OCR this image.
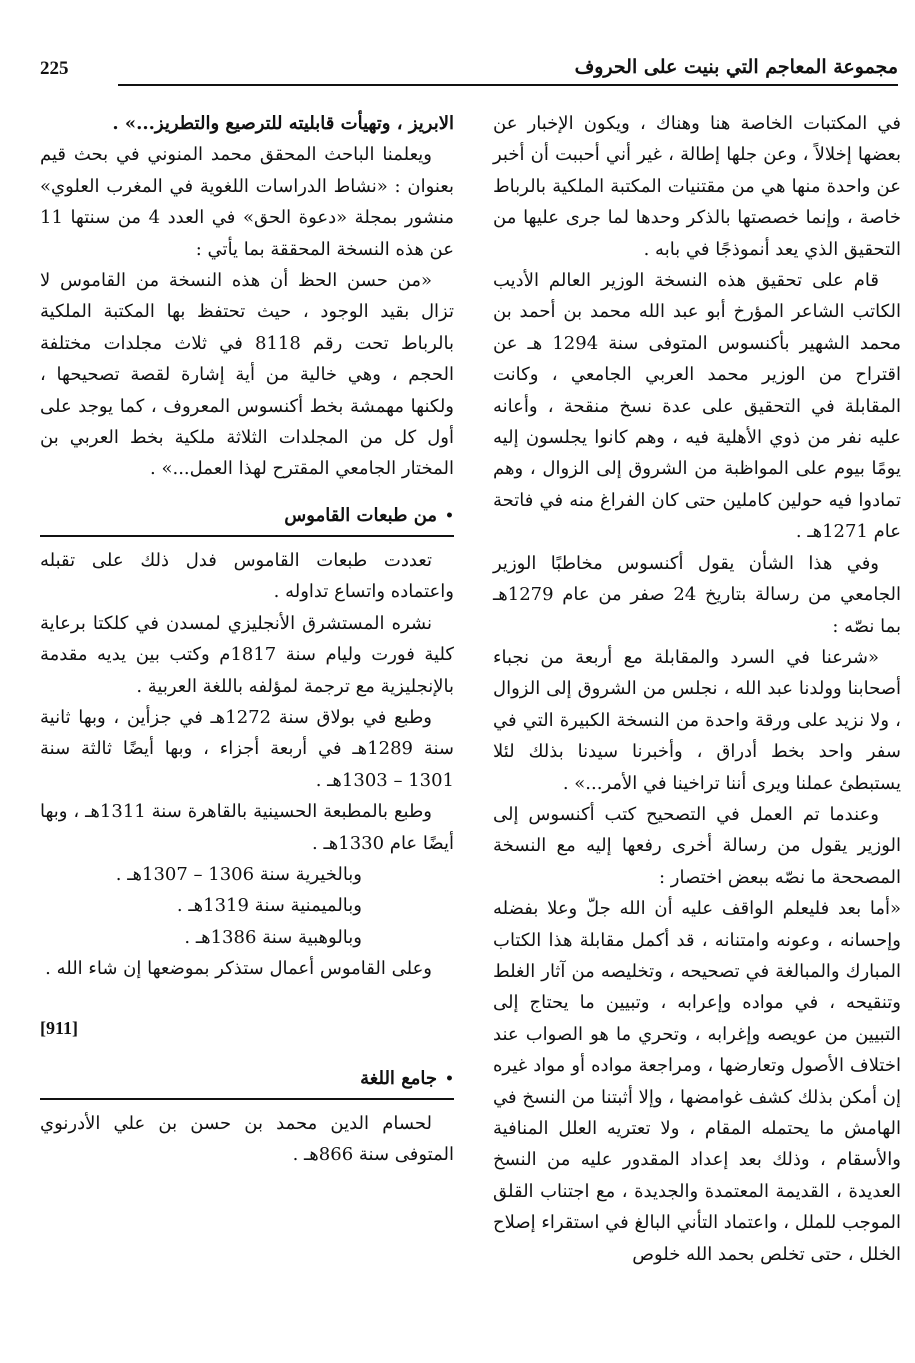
225	مجموعة المعاجم التي بنيت على الحروف

في المكتبات الخاصة هنا وهناك ، ويكون الإخبار عن بعضها إخلالاً ، وعن جلها إطالة ، غير أني أحببت أن أخبر عن واحدة منها هي من مقتنيات المكتبة الملكية بالرباط خاصة ، وإنما خصصتها بالذكر وحدها لما جرى عليها من التحقيق الذي يعد أنموذجًا في بابه .

قام على تحقيق هذه النسخة الوزير العالم الأديب الكاتب الشاعر المؤرخ أبو عبد الله محمد بن أحمد بن محمد الشهير بأكنسوس المتوفى سنة 1294 هـ عن اقتراح من الوزير محمد العربي الجامعي ، وكانت المقابلة في التحقيق على عدة نسخ منقحة ، وأعانه عليه نفر من ذوي الأهلية فيه ، وهم كانوا يجلسون إليه يومًا بيوم على المواظبة من الشروق إلى الزوال ، وهم تمادوا فيه حولين كاملين حتى كان الفراغ منه في فاتحة عام 1271هـ .

وفي هذا الشأن يقول أكنسوس مخاطبًا الوزير الجامعي من رسالة بتاريخ 24 صفر من عام 1279هـ بما نصّه :

«شرعنا في السرد والمقابلة مع أربعة من نجباء أصحابنا وولدنا عبد الله ، نجلس من الشروق إلى الزوال ، ولا نزيد على ورقة واحدة من النسخة الكبيرة التي في سفر واحد بخط أدراق ، وأخبرنا سيدنا بذلك لئلا يستبطئ عملنا ويرى أننا تراخينا في الأمر...» .

وعندما تم العمل في التصحيح كتب أكنسوس إلى الوزير يقول من رسالة أخرى رفعها إليه مع النسخة المصححة ما نصّه ببعض اختصار :

«أما بعد فليعلم الواقف عليه أن الله جلّ وعلا بفضله وإحسانه ، وعونه وامتنانه ، قد أكمل مقابلة هذا الكتاب المبارك والمبالغة في تصحيحه ، وتخليصه من آثار الغلط وتنقيحه ، في مواده وإعرابه ، وتبيين ما يحتاج إلى التبيين من عويصه وإغرابه ، وتحري ما هو الصواب عند اختلاف الأصول وتعارضها ، ومراجعة مواده أو مواد غيره إن أمكن بذلك كشف غوامضها ، وإلا أثبتنا من النسخ في الهامش ما يحتمله المقام ، ولا تعتريه العلل المنافية والأسقام ، وذلك بعد إعداد المقدور عليه من النسخ العديدة ، القديمة المعتمدة والجديدة ، مع اجتناب القلق الموجب للملل ، واعتماد التأني البالغ في استقراء إصلاح الخلل ، حتى تخلص بحمد الله خلوص

الابريز ، وتهيأت قابليته للترصيع والتطريز...» .

ويعلمنا الباحث المحقق محمد المنوني في بحث قيم بعنوان : «نشاط الدراسات اللغوية في المغرب العلوي» منشور بمجلة «دعوة الحق» في العدد 4 من سنتها 11 عن هذه النسخة المحققة بما يأتي :

«من حسن الحظ أن هذه النسخة من القاموس لا تزال بقيد الوجود ، حيث تحتفظ بها المكتبة الملكية بالرباط تحت رقم 8118 في ثلاث مجلدات مختلفة الحجم ، وهي خالية من أية إشارة لقصة تصحيحها ، ولكنها مهمشة بخط أكنسوس المعروف ، كما يوجد على أول كل من المجلدات الثلاثة ملكية بخط العربي بن المختار الجامعي المقترح لهذا العمل...» .

•
من طبعات القاموس

تعددت طبعات القاموس فدل ذلك على تقبله واعتماده واتساع تداوله .

نشره المستشرق الأنجليزي لمسدن في كلكتا برعاية كلية فورت وليام سنة 1817م وكتب بين يديه مقدمة بالإنجليزية مع ترجمة لمؤلفه باللغة العربية .

وطبع في بولاق سنة 1272هـ في جزأين ، وبها ثانية سنة 1289هـ في أربعة أجزاء ، وبها أيضًا ثالثة سنة 1301 – 1303هـ .

وطبع بالمطبعة الحسينية بالقاهرة سنة 1311هـ ، وبها أيضًا عام 1330هـ .

وبالخيرية سنة 1306 – 1307هـ .

وبالميمنية سنة 1319هـ .

وبالوهبية سنة 1386هـ .

وعلى القاموس أعمال ستذكر بموضعها إن شاء الله .

[911]
•
جامع اللغة

لحسام الدين محمد بن حسن بن علي الأدرنوي المتوفى سنة 866هـ .
